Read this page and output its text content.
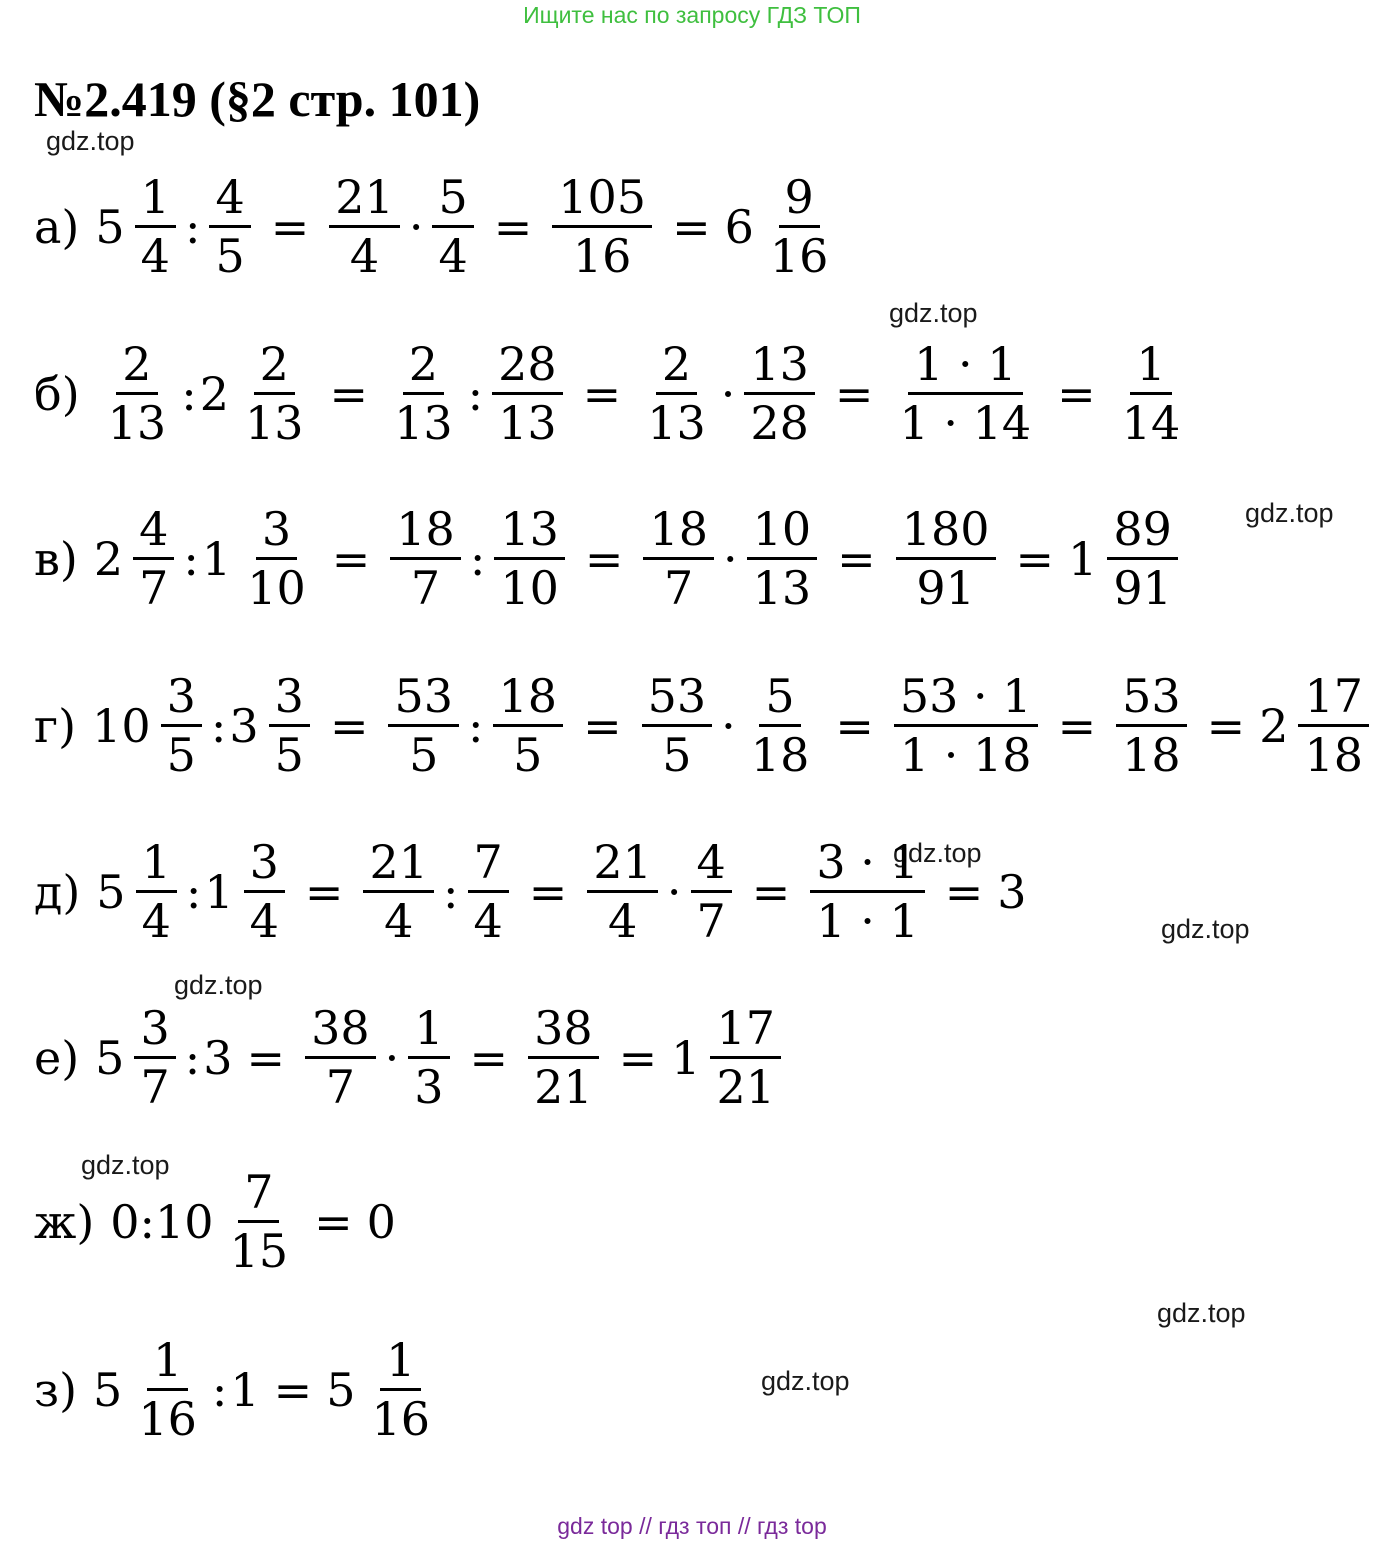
Ищите нас по запросу ГДЗ ТОП
№2.419 (§2 стр. 101)
gdz.top
gdz.top
gdz.top
gdz.top
gdz.top
gdz.top
gdz.top
gdz.top
gdz.top
а) $5 \frac{1}{4}$ : $\frac{4}{5} = \frac{21}{4} \cdot \frac{5}{4} = \frac{105}{16} = 6 \frac{9}{16}$
$б) \frac{2}{13}$ : $2 \frac{2}{13} = \frac{2}{13}$ : $\frac{28}{13} = \frac{2}{13} \cdot \frac{13}{28} = \frac{1 \cdot 1}{1 \cdot 14} = \frac{1}{14}$
в) $2 \frac{4}{7}$ : $1 \frac{3}{10} = \frac{18}{7}$ : $\frac{13}{10} = \frac{18}{7} \cdot \frac{10}{13} = \frac{180}{91} = 1 \frac{89}{91}$
г) $10 \frac{3}{5}$ : $3 \frac{3}{5} = \frac{53}{5}$ : $\frac{18}{5} = \frac{53}{5} \cdot \frac{5}{18} = \frac{53 \cdot 1}{1 \cdot 18} = \frac{53}{18} = 2 \frac{17}{18}$
д) $5 \frac{1}{4}$ : $1 \frac{3}{4} = \frac{21}{4}$ : $\frac{7}{4} = \frac{21}{4} \cdot \frac{4}{7} = \frac{3 \cdot 1}{1 \cdot 1} = 3$
е) $5 \frac{3}{7}$ : $3 = \frac{38}{7} \cdot \frac{1}{3} = \frac{38}{21} = 1 \frac{17}{21}$
ж) 0: $10 \frac{7}{15} = 0$
з) $5 \frac{1}{16}$ : $1 = 5 \frac{1}{16}$
gdz top // гдз топ // гдз top
